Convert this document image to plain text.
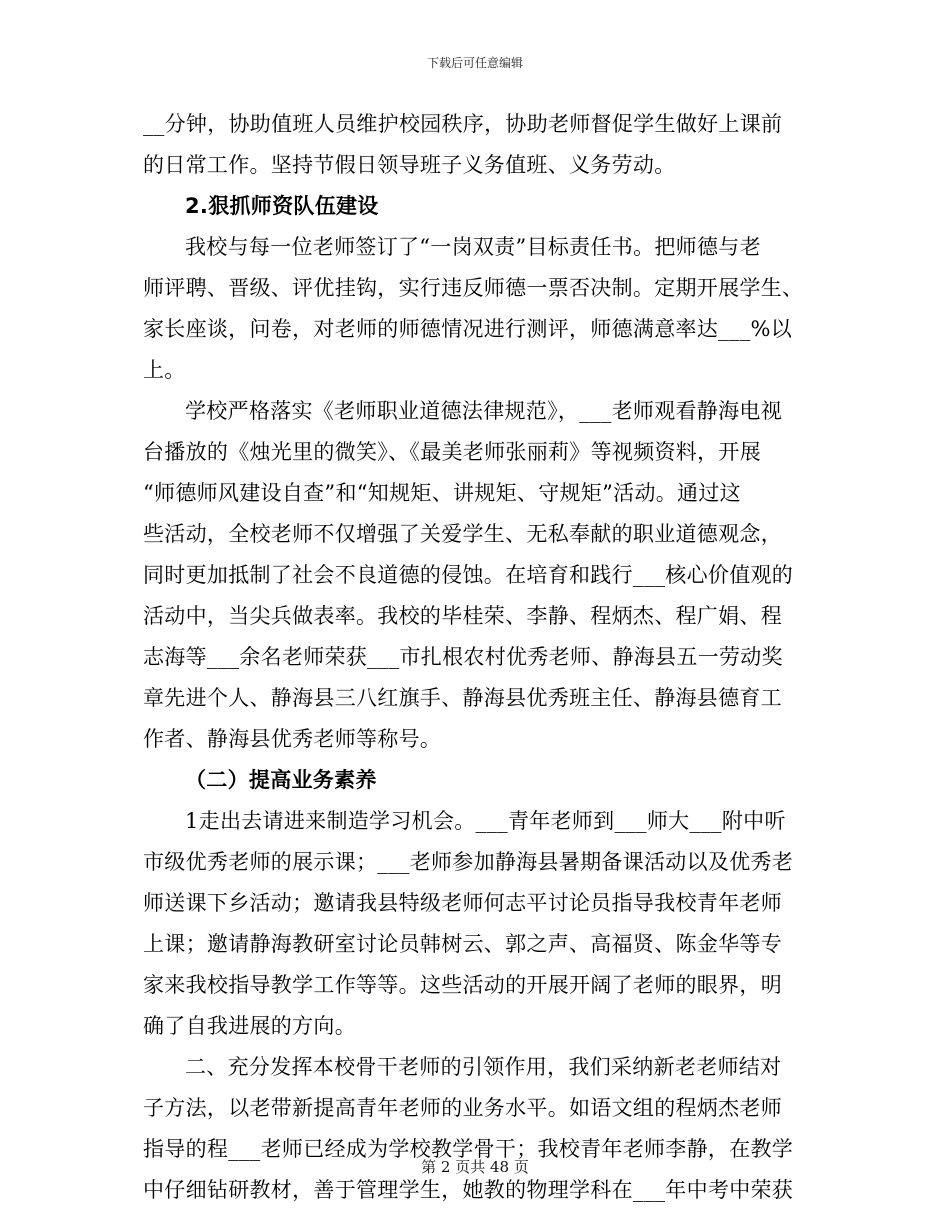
下载后可任意编辑
__分钟，协助值班人员维护校园秩序，协助老师督促学生做好上课前
的日常工作。坚持节假日领导班子义务值班、义务劳动。
2.狠抓师资队伍建设
我校与每一位老师签订了“一岗双责”目标责任书。把师德与老
师评聘、晋级、评优挂钩，实行违反师德一票否决制。定期开展学生、
家长座谈，问卷，对老师的师德情况进行测评，师德满意率达___%以
上。
学校严格落实《老师职业道德法律规范》，___老师观看静海电视
台播放的《烛光里的微笑》、《最美老师张丽莉》等视频资料，开展
“师德师风建设自查”和“知规矩、讲规矩、守规矩”活动。通过这
些活动，全校老师不仅增强了关爱学生、无私奉献的职业道德观念，
同时更加抵制了社会不良道德的侵蚀。在培育和践行___核心价值观的
活动中，当尖兵做表率。我校的毕桂荣、李静、程炳杰、程广娟、程
志海等___余名老师荣获___市扎根农村优秀老师、静海县五一劳动奖
章先进个人、静海县三八红旗手、静海县优秀班主任、静海县德育工
作者、静海县优秀老师等称号。
（二）提高业务素养
1走出去请进来制造学习机会。___青年老师到___师大___附中听
市级优秀老师的展示课；___老师参加静海县暑期备课活动以及优秀老
师送课下乡活动；邀请我县特级老师何志平讨论员指导我校青年老师
上课；邀请静海教研室讨论员韩树云、郭之声、高福贤、陈金华等专
家来我校指导教学工作等等。这些活动的开展开阔了老师的眼界，明
确了自我进展的方向。
二、充分发挥本校骨干老师的引领作用，我们采纳新老老师结对
子方法，以老带新提高青年老师的业务水平。如语文组的程炳杰老师
指导的程___老师已经成为学校教学骨干；我校青年老师李静，在教学
中仔细钻研教材，善于管理学生，她教的物理学科在___年中考中荣获
第 2 页共 48 页
